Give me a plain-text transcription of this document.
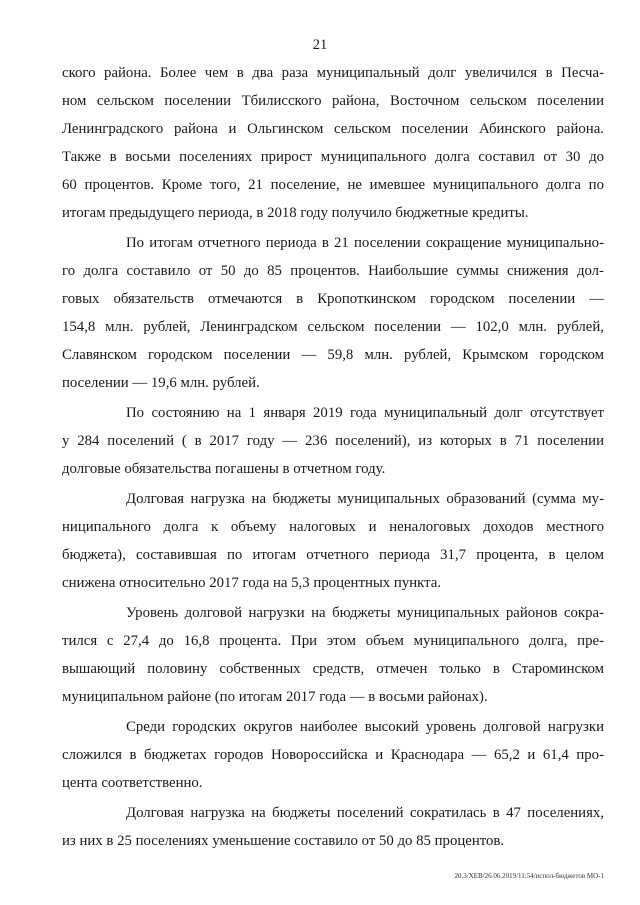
21
ского района. Более чем в два раза муниципальный долг увеличился в Песча-
ном сельском поселении Тбилисского района, Восточном сельском поселении
Ленинградского района и Ольгинском сельском поселении Абинского района.
Также в восьми поселениях прирост муниципального долга составил от 30 до
60 процентов. Кроме того, 21 поселение, не имевшее муниципального долга по
итогам предыдущего периода, в 2018 году получило бюджетные кредиты.
По итогам отчетного периода в 21 поселении сокращение муниципально-
го долга составило от 50 до 85 процентов. Наибольшие суммы снижения дол-
говых обязательств отмечаются в Кропоткинском городском поселении —
154,8 млн. рублей, Ленинградском сельском поселении — 102,0 млн. рублей,
Славянском городском поселении — 59,8 млн. рублей, Крымском городском
поселении — 19,6 млн. рублей.
По состоянию на 1 января 2019 года муниципальный долг отсутствует
у 284 поселений ( в 2017 году — 236 поселений), из которых в 71 поселении
долговые обязательства погашены в отчетном году.
Долговая нагрузка на бюджеты муниципальных образований (сумма му-
ниципального долга к объему налоговых и неналоговых доходов местного
бюджета), составившая по итогам отчетного периода 31,7 процента, в целом
снижена относительно 2017 года на 5,3 процентных пункта.
Уровень долговой нагрузки на бюджеты муниципальных районов сокра-
тился с 27,4 до 16,8 процента. При этом объем муниципального долга, пре-
вышающий половину собственных средств, отмечен только в Староминском
муниципальном районе (по итогам 2017 года — в восьми районах).
Среди городских округов наиболее высокий уровень долговой нагрузки
сложился в бюджетах городов Новороссийска и Краснодара — 65,2 и 61,4 про-
цента соответственно.
Долговая нагрузка на бюджеты поселений сократилась в 47 поселениях,
из них в 25 поселениях уменьшение составило от 50 до 85 процентов.
20.3/ХЕВ/26.06.2019/11:54/испол-бюджетов МО-1
